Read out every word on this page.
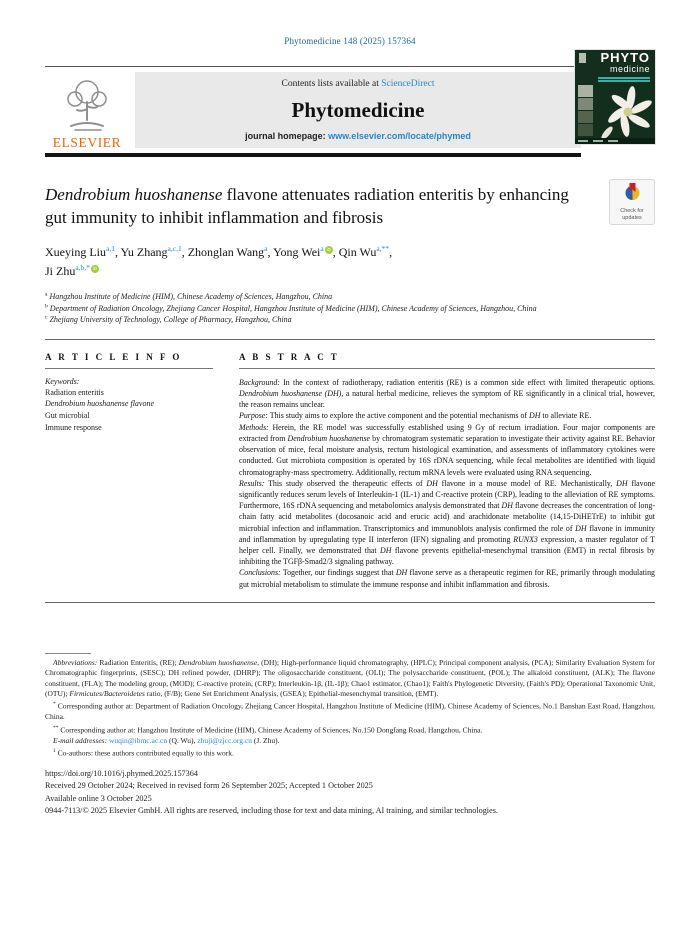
Phytomedicine 148 (2025) 157364
ELSEVIER
Contents lists available at ScienceDirect
Phytomedicine
journal homepage: www.elsevier.com/locate/phymed
PHYTO
medicine
Dendrobium huoshanense flavone attenuates radiation enteritis by enhancing gut immunity to inhibit inflammation and fibrosis	Check for updates
Xueying Liu$^{a,1}$, Yu Zhang$^{a,c,1}$, Zhonglan Wang$^a$, Yong Wei$^a$ iD , Qin $Wu^{a,**}$,
Ji Zhu$^{a,b,*}$ iD
$^a$ Hangzhou Institute of Medicine (HIM), Chinese Academy of Sciences, Hangzhou, China
$^b$ Department of Radiation Oncology, Zhejiang Cancer Hospital, Hangzhou Institute of Medicine (HIM), Chinese Academy of Sciences, Hangzhou, China
$^c$ Zhejiang University of Technology, College of Pharmacy, Hangzhou, China
A R T I C L E I N F O
Keywords:
Radiation enteritis
Dendrobium huoshanense flavone
Gut microbial
Immune response
A B S T R A C T

Background: In the context of radiotherapy, radiation enteritis (RE) is a common side effect with limited therapeutic options. Dendrobium huoshanense (DH), a natural herbal medicine, relieves the symptom of RE significantly in a clinical trial, however, the reason remains unclear.

Purpose: This study aims to explore the active component and the potential mechanisms of DH to alleviate RE.

Methods: Herein, the RE model was successfully established using 9 Gy of rectum irradiation. Four major components are extracted from Dendrobium huoshanense by chromatogram systematic separation to investigate their activity against RE. Behavior observation of mice, fecal moisture analysis, rectum histological examination, and assessments of inflammatory cytokines were conducted. Gut microbiota composition is operated by 16S rDNA sequencing, while fecal metabolites are identified with liquid chromatography-mass spectrometry. Additionally, rectum mRNA levels were evaluated using RNA sequencing.

Results: This study observed the therapeutic effects of DH flavone in a mouse model of RE. Mechanistically, DH flavone significantly reduces serum levels of Interleukin-1 (IL-1) and C-reactive protein (CRP), leading to the alleviation of RE symptoms. Furthermore, 16S rDNA sequencing and metabolomics analysis demonstrated that DH flavone decreases the concentration of long-chain fatty acid metabolites (docosanoic acid and erucic acid) and arachidonate metabolite (14,15-DiHETrE) to inhibit gut microbial infection and inflammation. Transcriptomics and immunoblots analysis confirmed the role of DH flavone in immunity and inflammation by upregulating type II interferon (IFN) signaling and promoting RUNX3 expression, a master regulator of T helper cell. Finally, we demonstrated that DH flavone prevents epithelial-mesenchymal transition (EMT) in rectal fibrosis by inhibiting the TGFβ-Smad2/3 signaling pathway.

Conclusions: Together, our findings suggest that DH flavone serve as a therapeutic regimen for RE, primarily through modulating gut microbial metabolism to stimulate the immune response and inhibit inflammation and fibrosis.

Abbreviations: Radiation Enteritis, (RE); Dendrobium huoshanense, (DH); High-performance liquid chromatography, (HPLC); Principal component analysis, (PCA); Similarity Evaluation System for Chromatographic fingerprints, (SESC); DH refined powder, (DHRP); The oligosaccharide constituent, (OLI); The polysaccharide constituent, (POL); The alkaloid constituent, (ALK); The flavone constituent, (FLA); The modeling group, (MOD); C-reactive protein, (CRP); Interleukin-1β, (IL-1β); Chao1 estimator, (Chao1); Faith's Phylogenetic Diversity, (Faith's PD); Operational Taxonomic Unit, (OTU); Firmicutes/Bacteroidetes ratio, (F/B); Gene Set Enrichment Analysis, (GSEA); Epithelial-mesenchymal transition, (EMT).

* Corresponding author at: Department of Radiation Oncology, Zhejiang Cancer Hospital, Hangzhou Institute of Medicine (HIM), Chinese Academy of Sciences, No.1 Banshan East Road, Hangzhou, China.

** Corresponding author at: Hangzhou Institute of Medicine (HIM), Chinese Academy of Sciences, No.150 Dongfang Road, Hangzhou, China.

E-mail addresses: wuqin@ibmc.ac.cn (Q. Wu), zhuji@zjcc.org.cn (J. Zhu).

$^1$ Co-authors: these authors contributed equally to this work.

https://doi.org/10.1016/j.phymed.2025.157364
Received 29 October 2024; Received in revised form 26 September 2025; Accepted 1 October 2025
Available online 3 October 2025
0944-7113/© 2025 Elsevier GmbH. All rights are reserved, including those for text and data mining, AI training, and similar technologies.
